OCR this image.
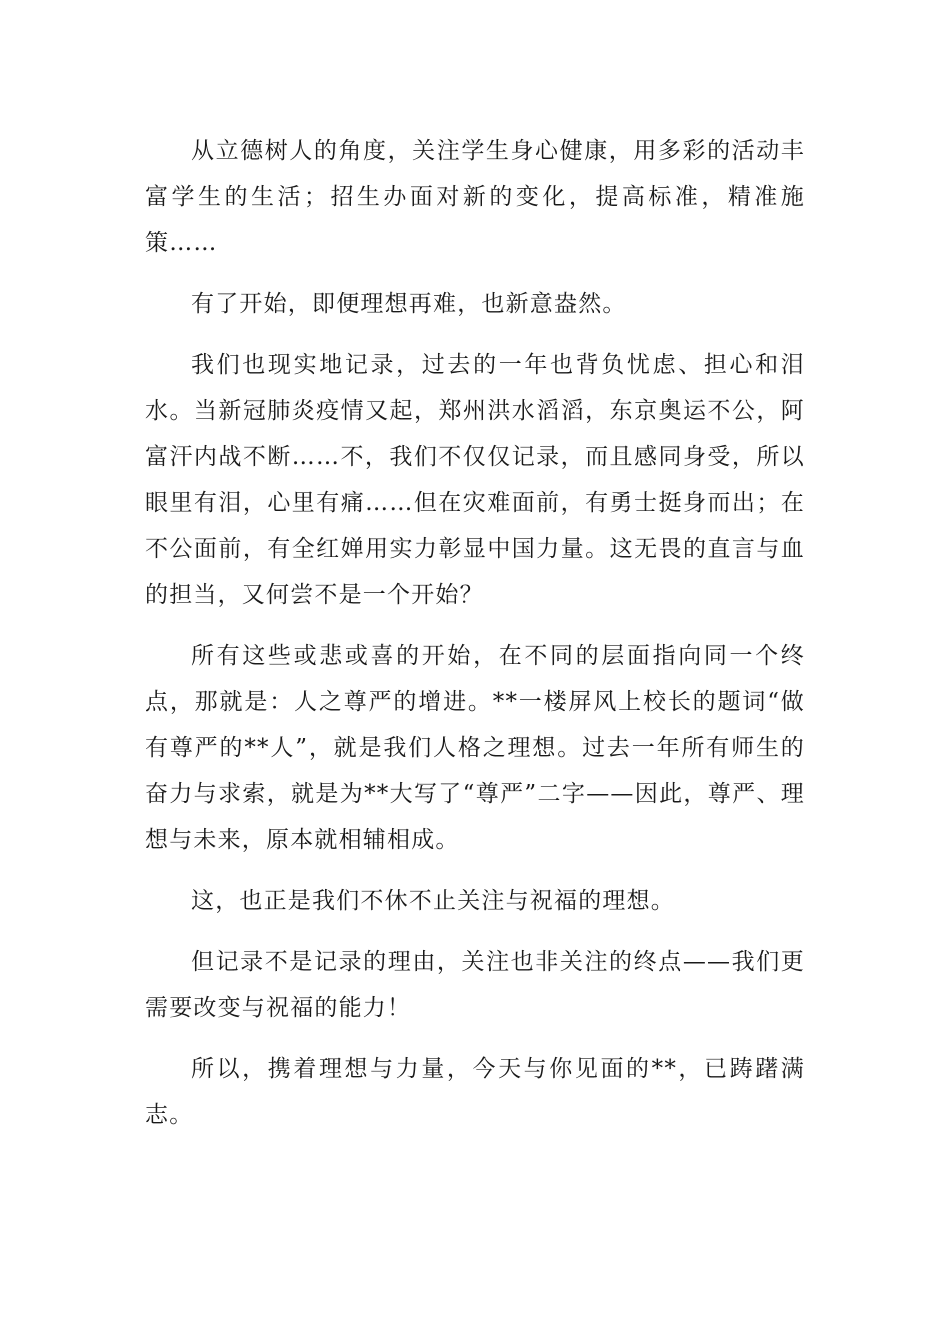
从立德树人的角度，关注学生身心健康，用多彩的活动丰富学生的生活；招生办面对新的变化，提高标准，精准施策……

有了开始，即便理想再难，也新意盎然。

我们也现实地记录，过去的一年也背负忧虑、担心和泪水。当新冠肺炎疫情又起，郑州洪水滔滔，东京奥运不公，阿富汗内战不断……不，我们不仅仅记录，而且感同身受，所以眼里有泪，心里有痛……但在灾难面前，有勇士挺身而出；在不公面前，有全红婵用实力彰显中国力量。这无畏的直言与血的担当，又何尝不是一个开始？

所有这些或悲或喜的开始，在不同的层面指向同一个终点，那就是：人之尊严的增进。**一楼屏风上校长的题词“做有尊严的**人”，就是我们人格之理想。过去一年所有师生的奋力与求索，就是为**大写了“尊严”二字——因此，尊严、理想与未来，原本就相辅相成。

这，也正是我们不休不止关注与祝福的理想。

但记录不是记录的理由，关注也非关注的终点——我们更需要改变与祝福的能力！

所以，携着理想与力量，今天与你见面的**，已踌躇满志。
